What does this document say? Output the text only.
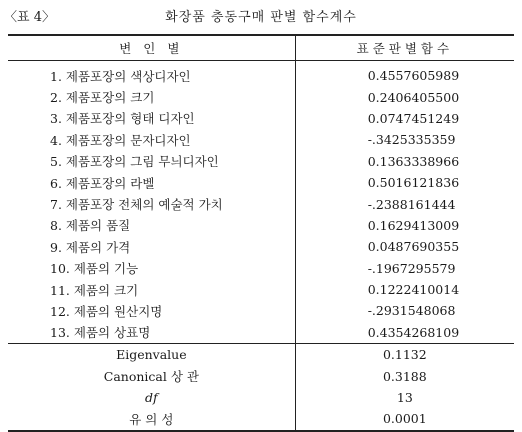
〈표 4〉	화장품 충동구매 판별 함수계수
변 인 별	표준판별함수
1. 제품포장의 색상디자인	0.4557605989
2. 제품포장의 크기	0.2406405500
3. 제품포장의 형태 디자인	0.0747451249
4. 제품포장의 문자디자인	-.3425335359
5. 제품포장의 그림 무늬디자인	0.1363338966
6. 제품포장의 라벨	0.5016121836
7. 제품포장 전체의 예술적 가치	-.2388161444
8. 제품의 품질	0.1629413009
9. 제품의 가격	0.0487690355
10. 제품의 기능	-.1967295579
11. 제품의 크기	0.1222410014
12. 제품의 원산지명	-.2931548068
13. 제품의 상표명	0.4354268109
Eigenvalue	0.1132
Canonical 상 관	0.3188
df	13
유 의 성	0.0001
